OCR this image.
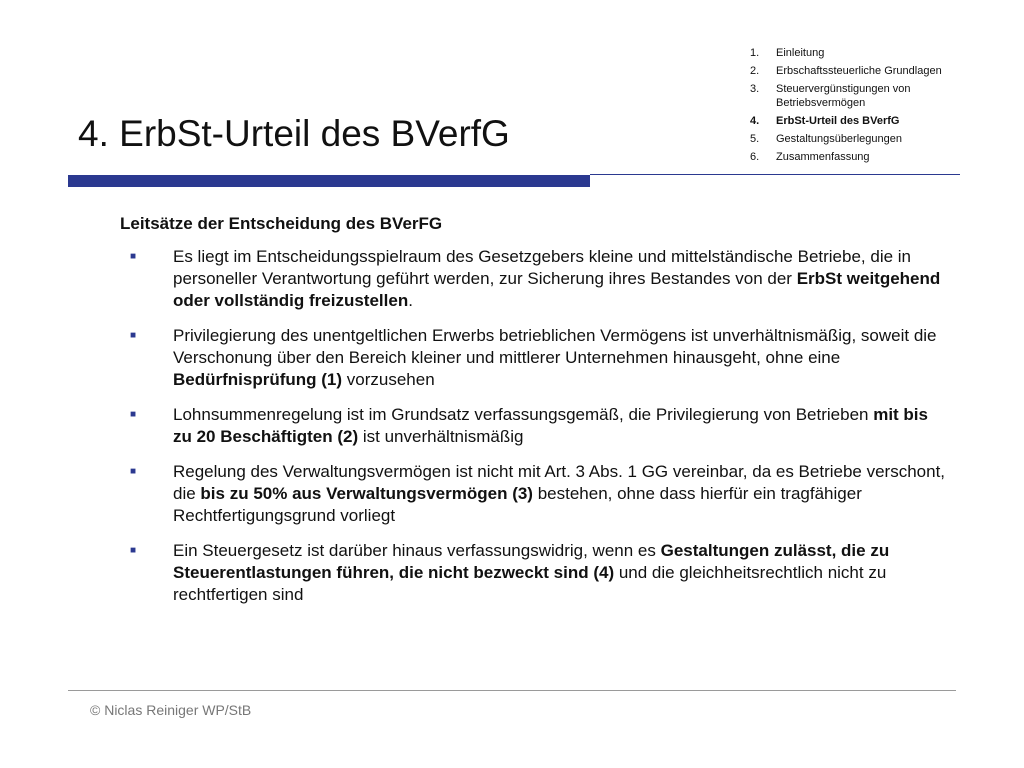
4. ErbSt-Urteil des BVerfG
1.	Einleitung
2.	Erbschaftssteuerliche Grundlagen
3.	Steuervergünstigungen von Betriebsvermögen
4.	ErbSt-Urteil des BVerfG
5.	Gestaltungsüberlegungen
6.	Zusammenfassung
Leitsätze der Entscheidung des BVerFG
■	Es liegt im Entscheidungsspielraum des Gesetzgebers kleine und mittelständische Betriebe, die in personeller Verantwortung geführt werden, zur Sicherung ihres Bestandes von der ErbSt weitgehend oder vollständig freizustellen.
■	Privilegierung des unentgeltlichen Erwerbs betrieblichen Vermögens ist unverhältnismäßig, soweit die Verschonung über den Bereich kleiner und mittlerer Unternehmen hinausgeht, ohne eine Bedürfnisprüfung (1) vorzusehen
■	Lohnsummenregelung ist im Grundsatz verfassungsgemäß, die Privilegierung von Betrieben mit bis zu 20 Beschäftigten (2) ist unverhältnismäßig
■	Regelung des Verwaltungsvermögen ist nicht mit Art. 3 Abs. 1 GG vereinbar, da es Betriebe verschont, die bis zu 50% aus Verwaltungsvermögen (3) bestehen, ohne dass hierfür ein tragfähiger Rechtfertigungsgrund vorliegt
■	Ein Steuergesetz ist darüber hinaus verfassungswidrig, wenn es Gestaltungen zulässt, die zu Steuerentlastungen führen, die nicht bezweckt sind (4) und die gleichheitsrechtlich nicht zu rechtfertigen sind
© Niclas Reiniger WP/StB
